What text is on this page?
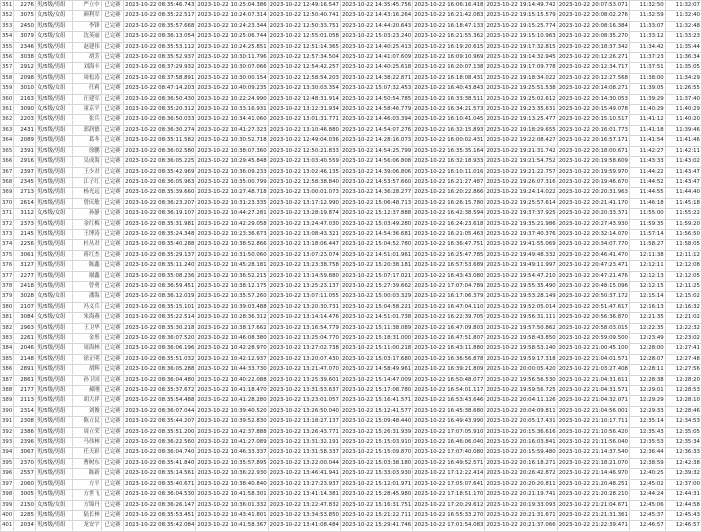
351	2276	男/5级/男组	严立中	已完赛	2023-10-22 08:35:46.743	2023-10-22 10:25:04.386	2023-10-22 12:49:16.547	2023-10-22 14:35:45.756	2023-10-22 16:06:16.418	2023-10-22 19:14:49.742	2023-10-22 20:07:53.071	11:32:50	11:32:07
352	3075	女/5级/女组	颜利军	已完赛	2023-10-22 08:35:22.517	2023-10-22 10:24:07.314	2023-10-22 12:50:40.741	2023-10-22 14:43:16.264	2023-10-22 16:21:42.083	2023-10-22 19:15:15.579	2023-10-22 20:08:02.276	11:32:59	11:32:40
353	2450	男/5级/男组	李锋	已完赛	2023-10-22 08:35:57.668	2023-10-22 10:24:23.344	2023-10-22 12:50:33.751	2023-10-22 14:44:20.643	2023-10-22 16:18:47.133	2023-10-22 19:15:25.774	2023-10-22 20:08:16.384	11:33:07	11:32:48
354	3079	女/5级/女组	沈英丽	已完赛	2023-10-22 08:36:13.054	2023-10-22 10:25:06.744	2023-10-22 12:55:01.058	2023-10-22 15:03:23.240	2023-10-22 16:21:55.362	2023-10-22 19:15:10.963	2023-10-22 20:08:35.270	11:33:12	11:33:23
355	2346	男/5级/男组	赵建伟	已完赛	2023-10-22 08:35:53.112	2023-10-22 10:24:25.851	2023-10-22 12:51:14.365	2023-10-22 14:40:25.413	2023-10-22 16:19:20.615	2023-10-22 19:17:32.815	2023-10-22 20:18:37.342	11:34:42	11:35:44
356	3038	女/5级/女组	胡芳	已完赛	2023-10-22 08:35:52.937	2023-10-22 10:30:11.796	2023-10-22 12:57:34.504	2023-10-22 14:41:07.609	2023-10-22 16:09:10.969	2023-10-22 19:14:32.945	2023-10-22 20:12:26.271	11:37:23	11:36:34
357	2912	男/5级/男组	刘海丰	已完赛	2023-10-22 08:37:29.932	2023-10-22 10:30:07.066	2023-10-22 12:54:42.257	2023-10-22 14:40:25.618	2023-10-22 16:20:07.138	2023-10-22 19:17:09.778	2023-10-22 20:12:34.717	11:37:51	11:35:05
358	2098	男/5级/男组	周松涛	已完赛	2023-10-22 08:37:58.891	2023-10-22 10:30:00.154	2023-10-22 12:58:54.203	2023-10-22 14:38:22.871	2023-10-22 16:18:08.431	2023-10-22 19:18:34.022	2023-10-22 20:12:27.568	11:38:00	11:34:29
359	3010	女/5级/女组	任莉	已完赛	2023-10-22 08:47:14.203	2023-10-22 10:40:09.235	2023-10-22 13:30:03.354	2023-10-22 15:07:32.453	2023-10-22 16:40:43.843	2023-10-22 19:25:51.538	2023-10-22 20:14:08.271	11:39:05	11:26:55
360	2163	男/5级/男组	汪建军	已完赛	2023-10-22 08:36:50.430	2023-10-22 10:22:24.990	2023-10-22 12:48:31.914	2023-10-22 14:50:54.785	2023-10-22 16:33:38.511	2023-10-22 19:25:02.612	2023-10-22 20:14:30.053	11:39:29	11:37:40
361	3090	女/5级/女组	童京平	已完赛	2023-10-22 08:35:20.312	2023-10-22 10:33:16.931	2023-10-22 13:12:31.934	2023-10-22 14:58:46.779	2023-10-22 16:34:21.573	2023-10-22 19:23:35.631	2023-10-22 20:15:49.078	11:40:29	11:40:29
362	2203	男/5级/男组	张兵	已完赛	2023-10-22 08:36:50.033	2023-10-22 10:34:41.060	2023-10-22 13:01:31.771	2023-10-22 14:46:03.394	2023-10-22 16:10:41.045	2023-10-22 19:13:25.477	2023-10-22 20:15:10.517	11:41:12	11:40:20
363	2431	男/5级/男组	郭润德	已完赛	2023-10-22 08:36:30.274	2023-10-22 10:41:27.323	2023-10-22 13:10:46.880	2023-10-22 14:54:07.276	2023-10-22 16:32:15.893	2023-10-22 19:18:29.655	2023-10-22 20:16:01.773	11:41:18	11:39:46
364	2089	男/5级/男组	葛冬	已完赛	2023-10-22 08:35:11.582	2023-10-22 10:30:52.718	2023-10-22 12:49:04.036	2023-10-22 14:28:16.073	2023-10-22 16:00:02.431	2023-10-22 19:22:08.427	2023-10-22 20:16:57.171	11:41:54	11:41:46
365	2391	男/5级/男组	徐鹏	已完赛	2023-10-22 08:36:02.580	2023-10-22 10:38:07.360	2023-10-22 12:50:21.833	2023-10-22 14:54:25.799	2023-10-22 16:35:35.164	2023-10-22 19:21:31.742	2023-10-22 20:18:00.671	11:42:27	11:42:11
366	2916	男/5级/男组	吴成海	已完赛	2023-10-22 08:36:05.225	2023-10-22 10:29:45.848	2023-10-22 13:03:40.559	2023-10-22 14:56:06.808	2023-10-22 16:32:18.933	2023-10-22 19:21:54.752	2023-10-22 20:19:58.609	11:43:33	11:43:02
367	2397	男/5级/男组	王少君	已完赛	2023-10-22 08:35:42.969	2023-10-22 10:36:09.233	2023-10-22 13:02:46.135	2023-10-22 14:39:06.806	2023-10-22 16:10:11.016	2023-10-22 19:21:22.757	2023-10-22 20:19:59.970	11:44:22	11:43:47
368	2345	男/5级/男组	江子红	已完赛	2023-10-22 08:36:05.963	2023-10-22 10:35:00.799	2023-10-22 12:58:38.840	2023-10-22 14:53:57.660	2023-10-22 16:21:27.487	2023-10-22 19:26:07.316	2023-10-22 20:19:46.670	11:44:52	11:43:47
369	2713	男/5级/男组	杨光远	已完赛	2023-10-22 08:35:39.660	2023-10-22 10:27:48.718	2023-10-22 13:00:01.073	2023-10-22 14:36:28.277	2023-10-22 16:20:22.866	2023-10-22 19:24:14.022	2023-10-22 20:20:31.963	11:44:55	11:44:40
370	2614	男/5级/男组	曾庆敏	已完赛	2023-10-22 08:36:23.207	2023-10-22 10:31:23.335	2023-10-22 13:17:12.990	2023-10-22 15:06:48.713	2023-10-22 16:26:15.780	2023-10-22 19:25:57.614	2023-10-22 20:21:41.170	11:46:18	11:45:18
371	3112	女/5级/女组	孙静	已完赛	2023-10-22 08:36:19.107	2023-10-22 10:44:27.281	2023-10-22 13:28:19.874	2023-10-22 15:12:37.888	2023-10-22 16:42:38.594	2023-10-22 19:37:37.925	2023-10-22 20:20:33.371	11:55:00	11:55:22
372	2373	男/5级/男组	金红梅	已完赛	2023-10-22 08:35:31.981	2023-10-22 10:42:29.058	2023-10-22 13:24:47.030	2023-10-22 15:03:49.280	2023-10-22 16:24:23.618	2023-10-22 19:35:21.986	2023-10-22 20:27:43.930	11:59:35	11:59:20
373	2145	男/5级/男组	王博涛	已完赛	2023-10-22 08:35:24.348	2023-10-22 10:23:36.673	2023-10-22 13:08:43.321	2023-10-22 14:54:36.681	2023-10-22 16:21:05.463	2023-10-22 19:37:40.376	2023-10-22 20:32:14.070	11:57:14	11:56:50
374	2256	男/5级/男组	杜丛君	已完赛	2023-10-22 08:35:40.288	2023-10-22 10:38:52.866	2023-10-22 13:18:06.447	2023-10-22 15:04:52.780	2023-10-22 16:36:47.751	2023-10-22 19:41:55.069	2023-10-22 20:34:07.770	11:58:27	11:58:05
375	3061	男/5级/男组	蒋红杰	已完赛	2023-10-22 08:35:29.137	2023-10-22 10:31:50.060	2023-10-22 13:07:23.074	2023-10-22 14:51:01.961	2023-10-22 16:25:47.785	2023-10-22 19:49:48.332	2023-10-22 20:46:41.470	12:11:38	12:11:12
376	3127	男/5级/男组	陈鑫	已完赛	2023-10-22 08:35:11.240	2023-10-22 10:45:28.181	2023-10-22 13:23:38.758	2023-10-22 15:20:38.181	2023-10-22 16:57:53.689	2023-10-22 19:49:11.997	2023-10-22 20:47:23.471	12:12:11	12:12:08
377	2277	男/5级/男组	谢鑫	已完赛	2023-10-22 08:35:08.236	2023-10-22 10:36:52.215	2023-10-22 13:14:59.880	2023-10-22 15:07:17.021	2023-10-22 16:43:43.080	2023-10-22 19:54:47.210	2023-10-22 20:47:21.476	12:12:13	12:12:05
378	2418	男/5级/男组	曾勇	已完赛	2023-10-22 08:36:59.451	2023-10-22 10:38:12.175	2023-10-22 13:25:23.137	2023-10-22 15:27:39.662	2023-10-22 17:07:04.789	2023-10-22 19:55:35.490	2023-10-22 20:48:15.096	12:12:15	12:11:25
379	3028	女/5级/女组	潘海	已完赛	2023-10-22 08:36:12.019	2023-10-22 10:35:57.260	2023-10-22 13:07:11.055	2023-10-22 15:00:03.329	2023-10-22 16:17:06.379	2023-10-22 19:53:28.149	2023-10-22 20:50:37.172	12:15:14	12:15:02
380	2107	男/5级/男组	冯义兵	已完赛	2023-10-22 08:35:15.101	2023-10-22 10:39:03.488	2023-10-22 13:20:30.731	2023-10-22 15:04:58.221	2023-10-22 16:47:04.110	2023-10-22 19:52:05.014	2023-10-22 20:51:47.617	12:16:13	12:16:32
381	3084	女/5级/女组	朱海燕	已完赛	2023-10-22 08:35:22.514	2023-10-22 10:28:36.312	2023-10-22 13:14:14.476	2023-10-22 14:51:01.738	2023-10-22 16:22:39.705	2023-10-22 19:56:31.111	2023-10-22 20:56:36.870	12:21:35	12:21:02
382	2963	男/5级/男组	王卫华	已完赛	2023-10-22 08:35:30.218	2023-10-22 10:38:17.662	2023-10-22 13:16:54.779	2023-10-22 15:11:38.089	2023-10-22 16:47:09.803	2023-10-22 19:57:50.862	2023-10-22 20:58:03.015	12:22:35	12:22:32
383	2261	男/5级/男组	金彤	已完赛	2023-10-22 08:36:07.520	2023-10-22 10:46:08.380	2023-10-22 13:25:04.770	2023-10-22 15:18:31.000	2023-10-22 16:47:51.807	2023-10-22 19:58:43.850	2023-10-22 20:59:09.500	12:23:49	12:23:02
384	2046	男/5级/男组	周海林	已完赛	2023-10-22 08:36:06.196	2023-10-22 10:42:28.970	2023-10-22 13:27:02.738	2023-10-22 15:11:00.218	2023-10-22 16:43:11.880	2023-10-22 19:58:53.140	2023-10-22 21:00:45.100	12:28:00	12:27:41
385	2148	男/5级/男组	徐正明	已完赛	2023-10-22 08:35:51.032	2023-10-22 10:42:12.937	2023-10-22 13:20:07.430	2023-10-22 15:03:17.680	2023-10-22 16:36:56.878	2023-10-22 19:59:17.318	2023-10-22 21:04:01.571	12:28:07	12:27:48
386	2891	男/5级/男组	胡辉	已完赛	2023-10-22 08:36:05.288	2023-10-22 10:44:33.730	2023-10-22 13:21:47.070	2023-10-22 14:58:49.961	2023-10-22 16:39:21.809	2023-10-22 20:00:05.420	2023-10-22 21:03:27.408	12:28:11	12:27:56
387	2861	男/5级/男组	孙卫国	已完赛	2023-10-22 08:36:04.480	2023-10-22 10:40:22.088	2023-10-22 13:25:39.601	2023-10-22 15:14:47.009	2023-10-22 16:50:48.077	2023-10-22 19:56:56.530	2023-10-22 21:04:31.611	12:28:38	12:28:20
388	2177	男/5级/男组	郝刚	已完赛	2023-10-22 08:35:37.672	2023-10-22 10:41:18.470	2023-10-22 13:31:53.637	2023-10-22 15:17:08.780	2023-10-22 16:54:01.117	2023-10-22 19:59:56.725	2023-10-22 21:04:31.571	12:29:01	12:28:53
389	2113	男/5级/男组	胡大祥	已完赛	2023-10-22 08:35:54.488	2023-10-22 10:41:28.280	2023-10-22 13:23:01.057	2023-10-22 15:16:41.571	2023-10-22 16:53:43.646	2023-10-22 20:04:11.126	2023-10-22 21:04:32.071	12:29:29	12:28:10
390	2314	男/5级/男组	刘俊	已完赛	2023-10-22 08:36:07.044	2023-10-22 10:39:40.520	2023-10-22 13:26:50.040	2023-10-22 15:12:41.577	2023-10-22 16:45:38.680	2023-10-22 20:04:09.811	2023-10-22 21:04:56.001	12:29:33	12:28:46
391	2308	男/5级/男组	陈立民	已完赛	2023-10-22 08:35:44.207	2023-10-22 10:39:52.830	2023-10-22 13:18:27.137	2023-10-22 15:09:48.440	2023-10-22 16:49:43.990	2023-10-22 20:05:17.431	2023-10-22 21:10:17.711	12:35:14	12:34:53
392	2386	男/5级/男组	周立荣	已完赛	2023-10-22 08:35:51.200	2023-10-22 10:42:37.888	2023-10-22 13:26:43.771	2023-10-22 15:26:31.939	2023-10-22 17:07:05.910	2023-10-22 20:15:36.616	2023-10-22 21:10:56.420	12:35:43	12:35:05
393	2396	男/5级/男组	马伟林	已完赛	2023-10-22 08:36:22.560	2023-10-22 10:41:27.089	2023-10-22 13:31:32.191	2023-10-22 15:15:03.910	2023-10-22 16:46:06.040	2023-10-22 20:16:03.841	2023-10-22 21:11:56.040	12:35:53	12:35:34
394	3067	男/5级/男组	任天彩	已完赛	2023-10-22 08:36:04.740	2023-10-22 10:46:33.337	2023-10-22 13:31:58.337	2023-10-22 15:15:09.870	2023-10-22 17:07:40.080	2023-10-22 20:15:59.480	2023-10-22 21:14:37.540	12:36:44	12:36:33
395	2370	男/5级/男组	曹树东	已完赛	2023-10-22 08:35:41.840	2023-10-22 10:35:57.895	2023-10-22 13:22:00.044	2023-10-22 15:03:38.180	2023-10-22 16:49:52.571	2023-10-22 20:16:18.271	2023-10-22 21:18:21.070	12:38:59	12:42:38
396	2557	男/5级/男组	陈新	已完赛	2023-10-22 08:35:14.561	2023-10-22 10:36:22.930	2023-10-22 13:46:41.941	2023-10-22 15:33:03.930	2023-10-22 17:12:22.414	2023-10-22 20:26:42.872	2023-10-22 21:14:46.970	12:40:25	12:39:32
397	2060	男/5级/男组	方平	已完赛	2023-10-22 08:35:40.671	2023-10-22 10:38:40.840	2023-10-22 13:27:23.937	2023-10-22 15:12:01.971	2023-10-22 17:05:07.641	2023-10-22 20:20:20.811	2023-10-22 21:20:48.251	12:45:02	12:37:00
398	3005	男/5级/男组	方世飞	已完赛	2023-10-22 08:36:04.530	2023-10-22 10:41:58.301	2023-10-22 13:41:14.381	2023-10-22 15:28:45.980	2023-10-22 17:18:51.170	2023-10-22 20:21:19.741	2023-10-22 21:20:28.210	12:44:24	12:44:31
399	2150	女/5级/女组	方锦丹	已完赛	2023-10-22 08:36:26.147	2023-10-22 10:36:01.332	2023-10-22 13:22:47.832	2023-10-22 15:16:31.751	2023-10-22 17:20:29.612	2023-10-22 20:19:33.093	2023-10-22 21:21:04.671	12:45:06	12:44:58
400	2285	男/5级/男组	陆长林	已完赛	2023-10-22 08:35:53.451	2023-10-22 10:43:41.801	2023-10-22 13:34:53.850	2023-10-22 15:21:22.711	2023-10-22 16:55:33.270	2023-10-22 20:21:31.671	2023-10-22 21:21:31.361	12:45:37	12:45:43
401	2034	男/5级/男组	龙安宇	已完赛	2023-10-22 08:35:42.084	2023-10-22 10:41:58.367	2023-10-22 13:41:08.484	2023-10-22 15:29:41.746	2023-10-22 17:01:54.083	2023-10-22 20:21:37.066	2023-10-22 21:22:39.471	12:46:57	12:46:57
